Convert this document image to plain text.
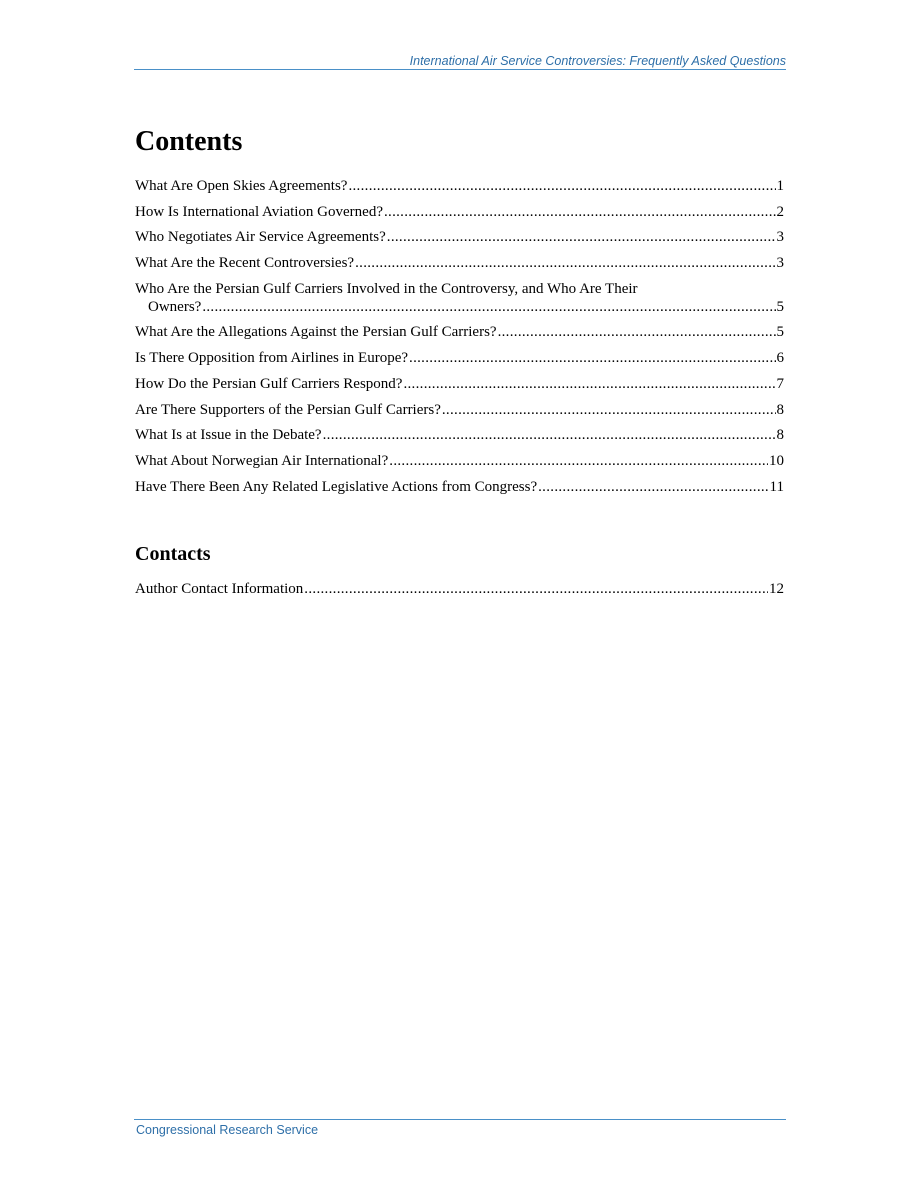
International Air Service Controversies: Frequently Asked Questions
Contents
What Are Open Skies Agreements? .....	1
How Is International Aviation Governed? .....	2
Who Negotiates Air Service Agreements? .....	3
What Are the Recent Controversies? .....	3
Who Are the Persian Gulf Carriers Involved in the Controversy, and Who Are Their
Owners? .....	5
What Are the Allegations Against the Persian Gulf Carriers? .....	5
Is There Opposition from Airlines in Europe? .....	6
How Do the Persian Gulf Carriers Respond? .....	7
Are There Supporters of the Persian Gulf Carriers? .....	8
What Is at Issue in the Debate? .....	8
What About Norwegian Air International? .....	10
Have There Been Any Related Legislative Actions from Congress? .....	11
Contacts
Author Contact Information .....	12
Congressional Research Service
